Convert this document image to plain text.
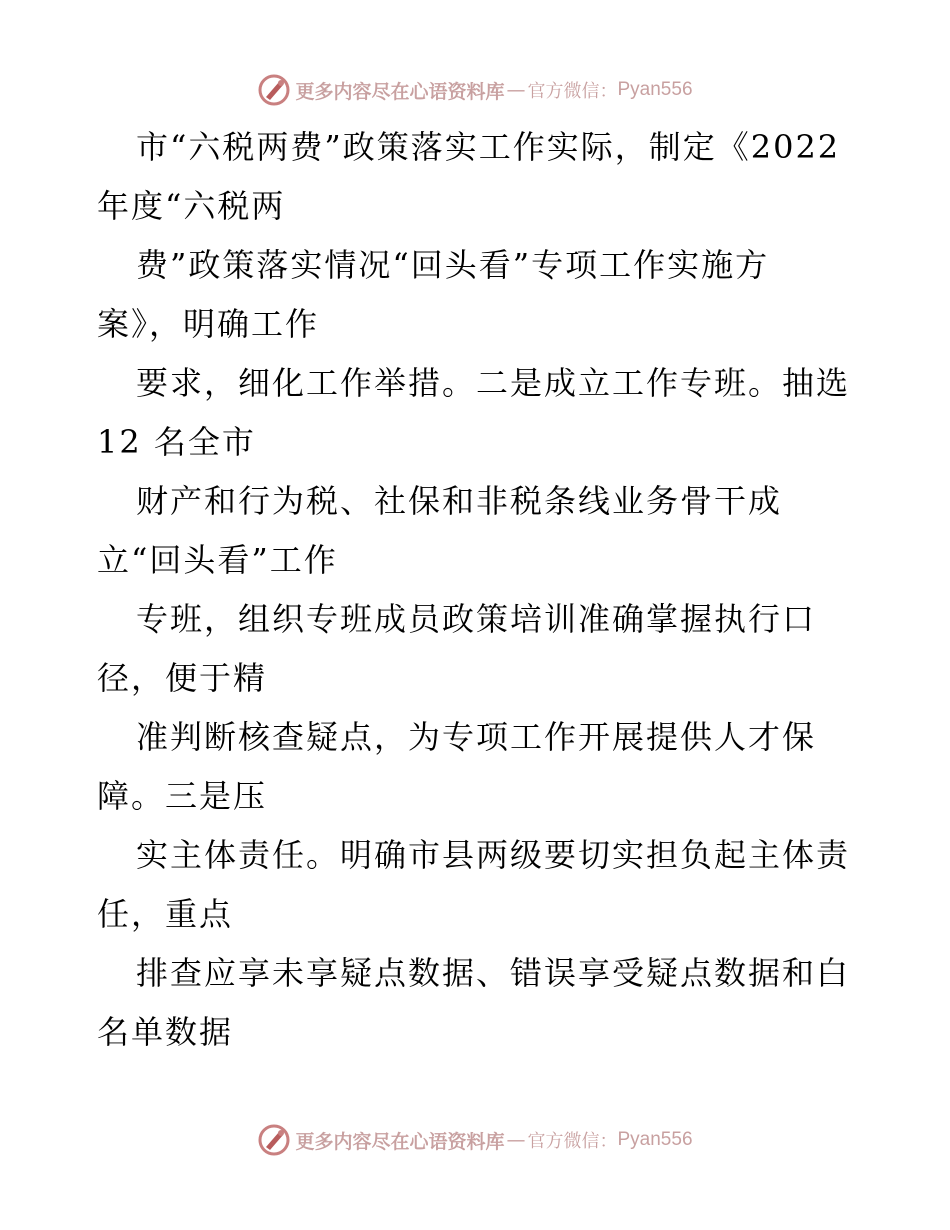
更多内容尽在心语资料库 — 官方微信： Pyan556
市“六税两费”政策落实工作实际，制定《2022
年度“六税两
费”政策落实情况“回头看”专项工作实施方
案》，明确工作
要求，细化工作举措。二是成立工作专班。抽选
12 名全市
财产和行为税、社保和非税条线业务骨干成
立“回头看”工作
专班，组织专班成员政策培训准确掌握执行口
径，便于精
准判断核查疑点，为专项工作开展提供人才保
障。三是压
实主体责任。明确市县两级要切实担负起主体责
任，重点
排查应享未享疑点数据、错误享受疑点数据和白
名单数据
更多内容尽在心语资料库 — 官方微信： Pyan556
